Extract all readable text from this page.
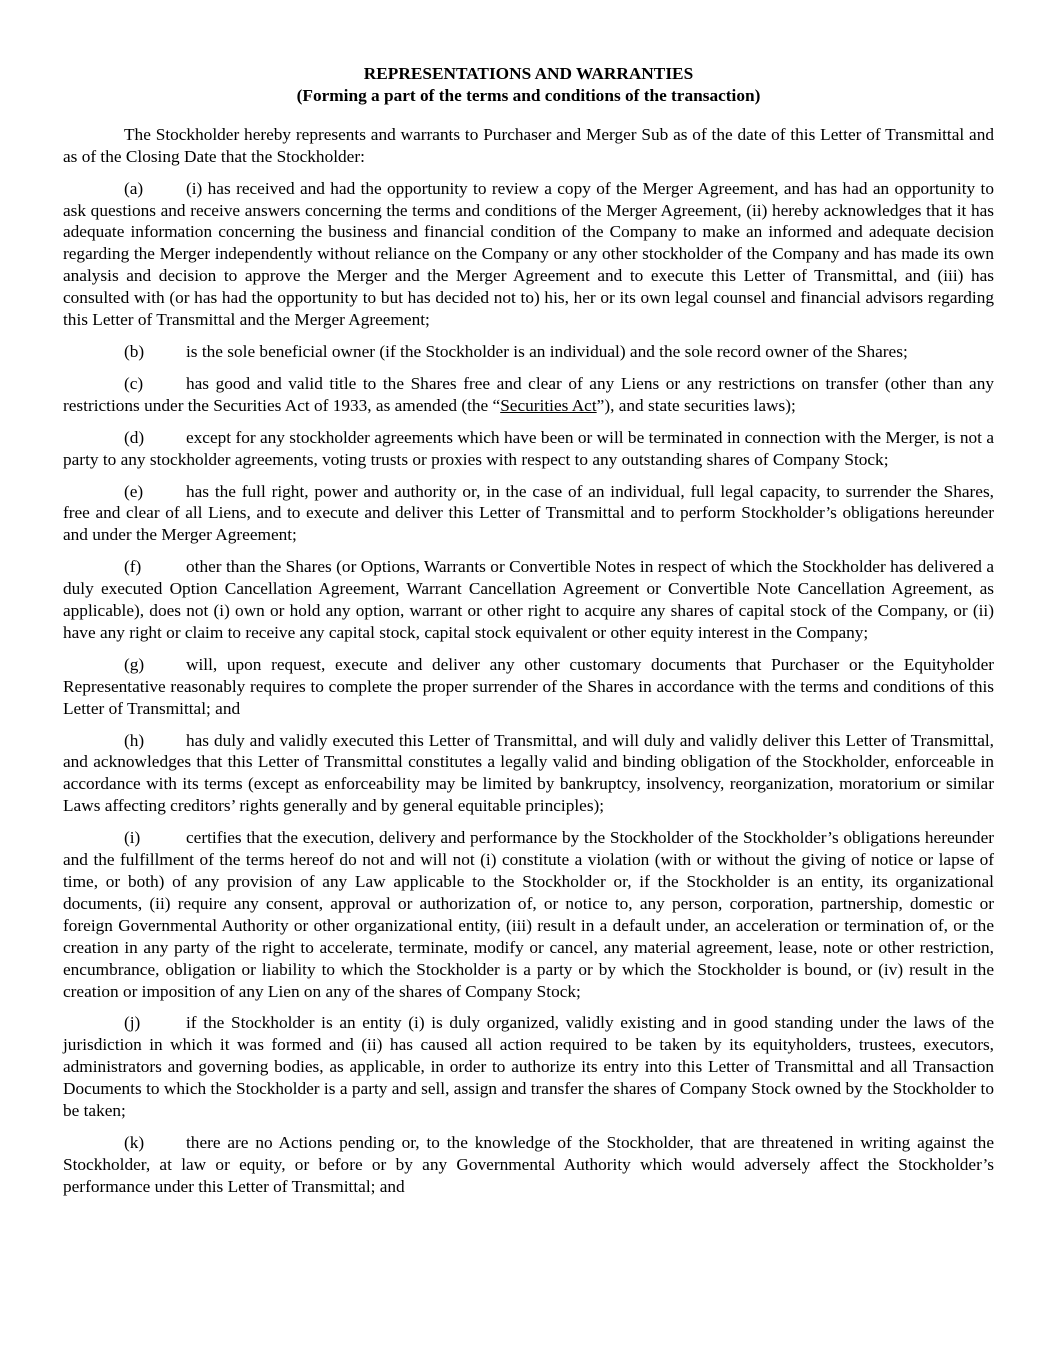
REPRESENTATIONS AND WARRANTIES
(Forming a part of the terms and conditions of the transaction)

The Stockholder hereby represents and warrants to Purchaser and Merger Sub as of the date of this Letter of Transmittal and as of the Closing Date that the Stockholder:

(a) (i) has received and had the opportunity to review a copy of the Merger Agreement, and has had an opportunity to ask questions and receive answers concerning the terms and conditions of the Merger Agreement, (ii) hereby acknowledges that it has adequate information concerning the business and financial condition of the Company to make an informed and adequate decision regarding the Merger independently without reliance on the Company or any other stockholder of the Company and has made its own analysis and decision to approve the Merger and the Merger Agreement and to execute this Letter of Transmittal, and (iii) has consulted with (or has had the opportunity to but has decided not to) his, her or its own legal counsel and financial advisors regarding this Letter of Transmittal and the Merger Agreement;

(b) is the sole beneficial owner (if the Stockholder is an individual) and the sole record owner of the Shares;

(c) has good and valid title to the Shares free and clear of any Liens or any restrictions on transfer (other than any restrictions under the Securities Act of 1933, as amended (the “Securities Act”), and state securities laws);

(d) except for any stockholder agreements which have been or will be terminated in connection with the Merger, is not a party to any stockholder agreements, voting trusts or proxies with respect to any outstanding shares of Company Stock;

(e) has the full right, power and authority or, in the case of an individual, full legal capacity, to surrender the Shares, free and clear of all Liens, and to execute and deliver this Letter of Transmittal and to perform Stockholder’s obligations hereunder and under the Merger Agreement;

(f)	other than the Shares (or Options, Warrants or Convertible Notes in respect of which the Stockholder has delivered a duly executed Option Cancellation Agreement, Warrant Cancellation Agreement or Convertible Note Cancellation Agreement, as applicable), does not (i) own or hold any option, warrant or other right to acquire any shares of capital stock of the Company, or (ii) have any right or claim to receive any capital stock, capital stock equivalent or other equity interest in the Company;

(g) will, upon request, execute and deliver any other customary documents that Purchaser or the Equityholder Representative reasonably requires to complete the proper surrender of the Shares in accordance with the terms and conditions of this Letter of Transmittal; and

(h) has duly and validly executed this Letter of Transmittal, and will duly and validly deliver this Letter of Transmittal, and acknowledges that this Letter of Transmittal constitutes a legally valid and binding obligation of the Stockholder, enforceable in accordance with its terms (except as enforceability may be limited by bankruptcy, insolvency, reorganization, moratorium or similar Laws affecting creditors’ rights generally and by general equitable principles);

(i)	certifies that the execution, delivery and performance by the Stockholder of the Stockholder’s obligations hereunder and the fulfillment of the terms hereof do not and will not (i) constitute a violation (with or without the giving of notice or lapse of time, or both) of any provision of any Law applicable to the Stockholder or, if the Stockholder is an entity, its organizational documents, (ii) require any consent, approval or authorization of, or notice to, any person, corporation, partnership, domestic or foreign Governmental Authority or other organizational entity, (iii) result in a default under, an acceleration or termination of, or the creation in any party of the right to accelerate, terminate, modify or cancel, any material agreement, lease, note or other restriction, encumbrance, obligation or liability to which the Stockholder is a party or by which the Stockholder is bound, or (iv) result in the creation or imposition of any Lien on any of the shares of Company Stock;

(j)	if the Stockholder is an entity (i) is duly organized, validly existing and in good standing under the laws of the jurisdiction in which it was formed and (ii) has caused all action required to be taken by its equityholders, trustees, executors, administrators and governing bodies, as applicable, in order to authorize its entry into this Letter of Transmittal and all Transaction Documents to which the Stockholder is a party and sell, assign and transfer the shares of Company Stock owned by the Stockholder to be taken;

(k) there are no Actions pending or, to the knowledge of the Stockholder, that are threatened in writing against the Stockholder, at law or equity, or before or by any Governmental Authority which would adversely affect the Stockholder’s performance under this Letter of Transmittal; and
